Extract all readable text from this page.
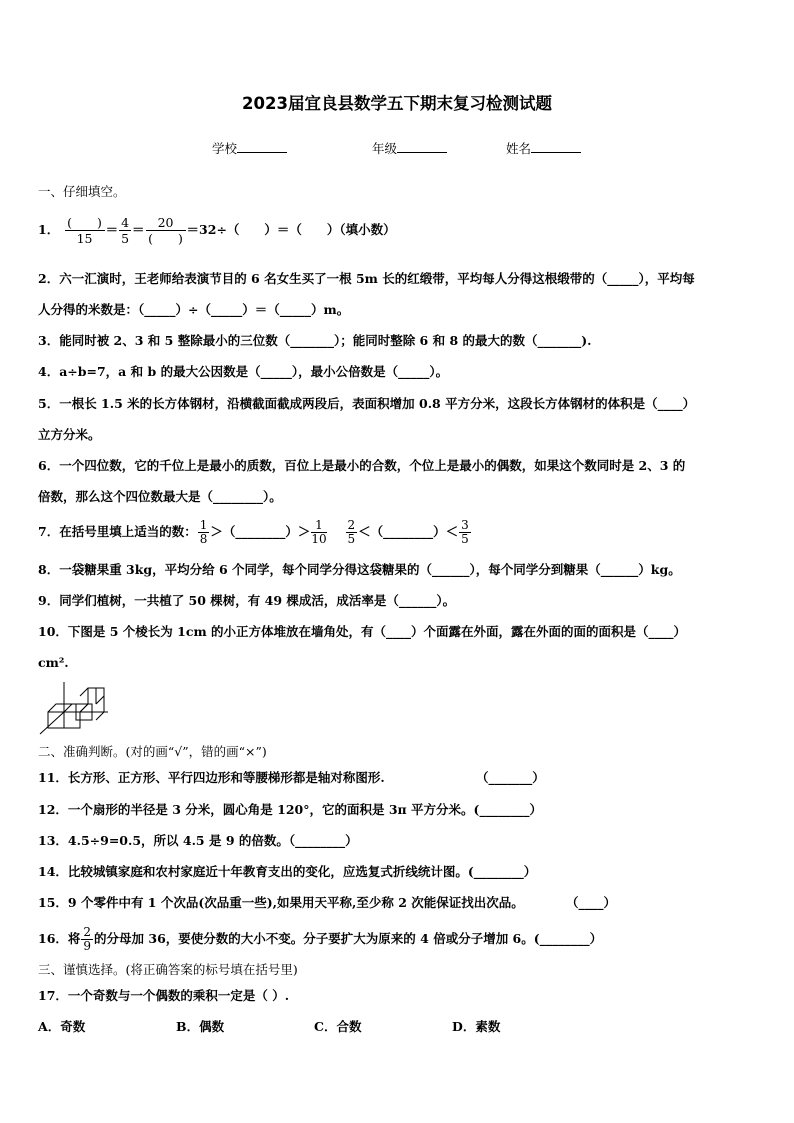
2023届宜良县数学五下期末复习检测试题
学校	年级	姓名
一、仔细填空。
1． $\frac{( )}{15} = \frac{4}{5} = \frac{20}{( )} =32\div$（　　）＝（　　）（填小数）
2．六一汇演时，王老师给表演节目的 6 名女生买了一根 5m 长的红缎带，平均每人分得这根缎带的（_____），平均每
人分得的米数是：（_____）÷（_____）＝（_____）m。
3．能同时被 2、3 和 5 整除最小的三位数（_______）；能同时整除 6 和 8 的最大的数（_______).
4．a÷b=7，a 和 b 的最大公因数是（_____），最小公倍数是（_____）。
5．一根长 1.5 米的长方体钢材，沿横截面截成两段后，表面积增加 0.8 平方分米，这段长方体钢材的体积是（____）
立方分米。
6．一个四位数，它的千位上是最小的质数，百位上是最小的合数，个位上是最小的偶数，如果这个数同时是 2、3 的
倍数，那么这个四位数最大是（________）。
7．在括号里填上适当的数： $\frac{1}{8}$ ＞（________）＞ $\frac{1}{10}$
　 $\frac{2}{5}$ ＜（________）＜ $\frac{3}{5}$
8．一袋糖果重 3kg，平均分给 6 个同学，每个同学分得这袋糖果的（______），每个同学分到糖果（______）kg。
9．同学们植树，一共植了 50 棵树，有 49 棵成活，成活率是（______）。
10．下图是 5 个棱长为 1cm 的小正方体堆放在墙角处，有（____）个面露在外面，露在外面的面的面积是（____）
cm².
二、准确判断。(对的画“√”，错的画“×”)
11．长方形、正方形、平行四边形和等腰梯形都是轴对称图形.	（_______）
12．一个扇形的半径是 3 分米，圆心角是 120°，它的面积是 3π 平方分米。(________）
13．4.5÷9=0.5，所以 4.5 是 9 的倍数。（________）
14．比较城镇家庭和农村家庭近十年教育支出的变化，应选复式折线统计图。(________）
15．9 个零件中有 1 个次品(次品重一些),如果用天平称,至少称 2 次能保证找出次品。	（____）
16．将 $\frac{2}{9}$ 的分母加 36，要使分数的大小不变。分子要扩大为原来的 4 倍或分子增加 6。(________）
三、谨慎选择。(将正确答案的标号填在括号里)
17．一个奇数与一个偶数的乘积一定是（ ）.
A．奇数	B．偶数	C．合数	D．素数
